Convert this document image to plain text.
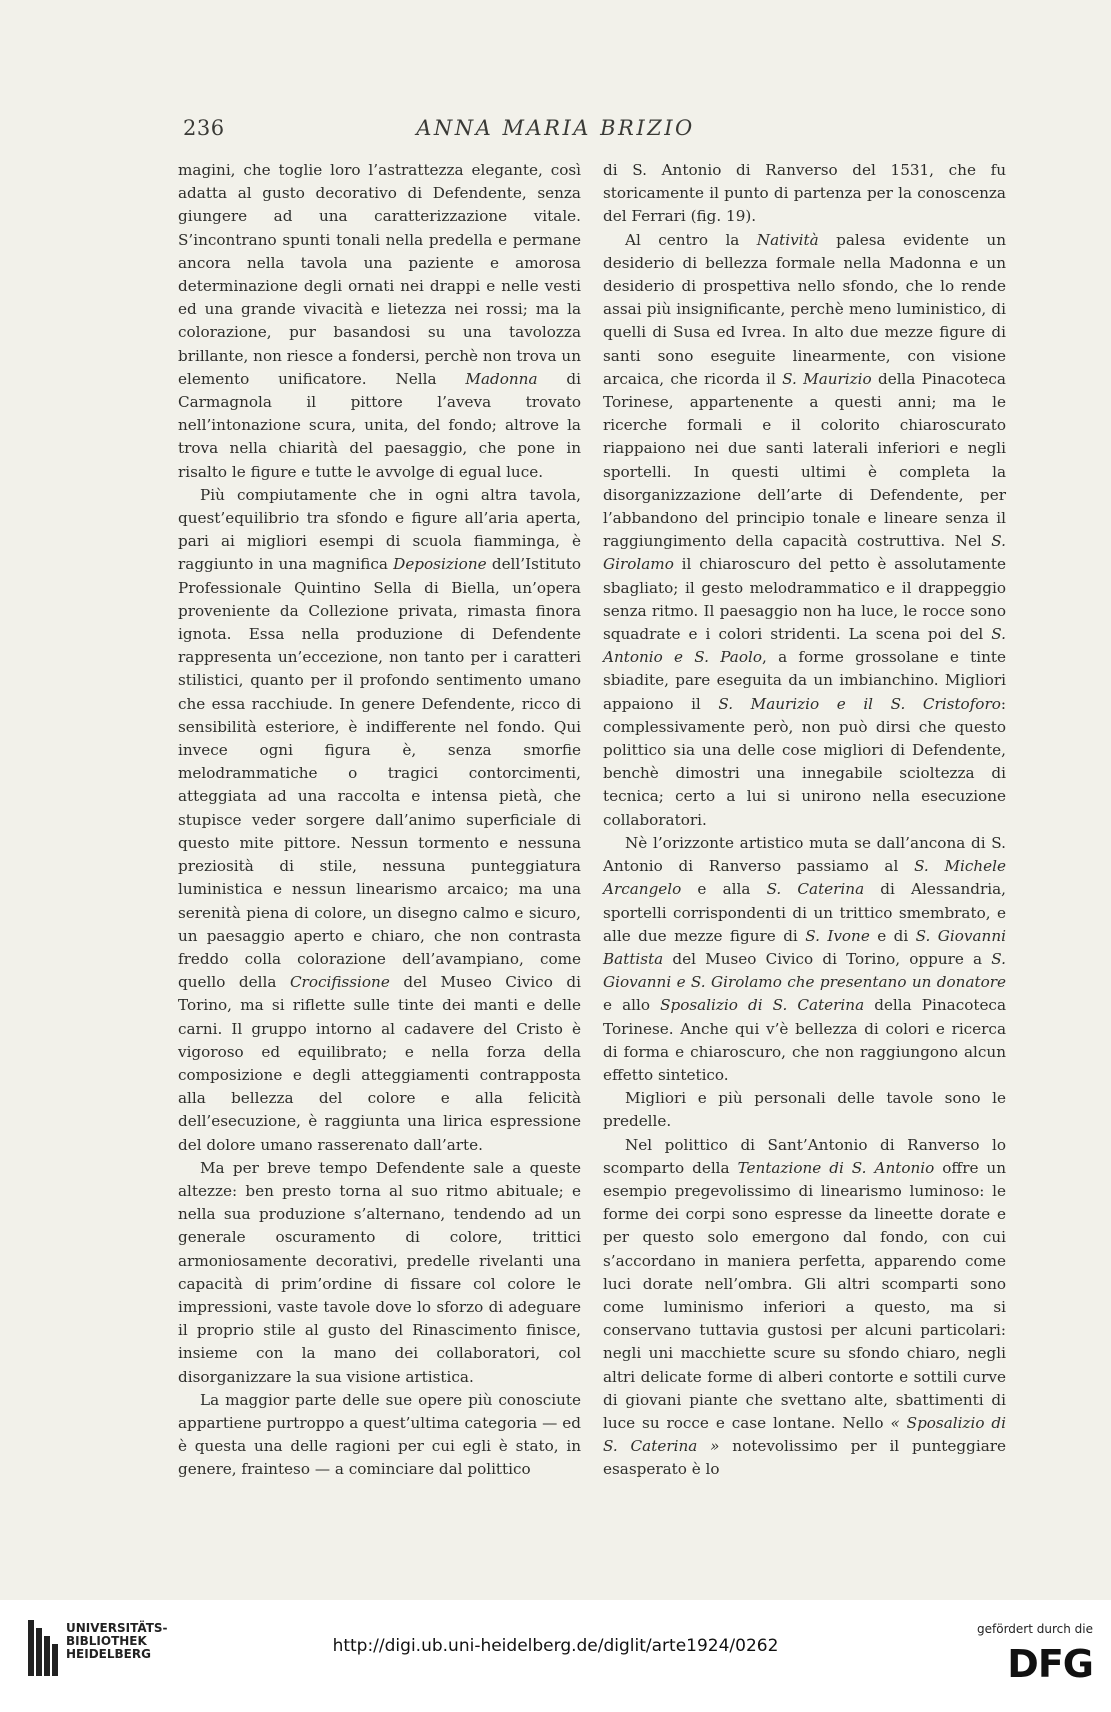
236	ANNA MARIA BRIZIO

magini, che toglie loro l’astrattezza elegante, così adatta al gusto decorativo di Defendente, senza giungere ad una caratterizzazione vitale. S’incontrano spunti tonali nella predella e permane ancora nella tavola una paziente e amorosa determinazione degli ornati nei drappi e nelle vesti ed una grande vivacità e lietezza nei rossi; ma la colorazione, pur basandosi su una tavolozza brillante, non riesce a fondersi, perchè non trova un elemento unificatore. Nella Madonna di Carmagnola il pittore l’aveva trovato nell’intonazione scura, unita, del fondo; altrove la trova nella chiarità del paesaggio, che pone in risalto le figure e tutte le avvolge di egual luce.

Più compiutamente che in ogni altra tavola, quest’equilibrio tra sfondo e figure all’aria aperta, pari ai migliori esempi di scuola fiamminga, è raggiunto in una magnifica Deposizione dell’Istituto Professionale Quintino Sella di Biella, un’opera proveniente da Collezione privata, rimasta finora ignota. Essa nella produzione di Defendente rappresenta un’eccezione, non tanto per i caratteri stilistici, quanto per il profondo sentimento umano che essa racchiude. In genere Defendente, ricco di sensibilità esteriore, è indifferente nel fondo. Qui invece ogni figura è, senza smorfie melodrammatiche o tragici contorcimenti, atteggiata ad una raccolta e intensa pietà, che stupisce veder sorgere dall’animo superficiale di questo mite pittore. Nessun tormento e nessuna preziosità di stile, nessuna punteggiatura luministica e nessun linearismo arcaico; ma una serenità piena di colore, un disegno calmo e sicuro, un paesaggio aperto e chiaro, che non contrasta freddo colla colorazione dell’avampiano, come quello della Crocifissione del Museo Civico di Torino, ma si riflette sulle tinte dei manti e delle carni. Il gruppo intorno al cadavere del Cristo è vigoroso ed equilibrato; e nella forza della composizione e degli atteggiamenti contrapposta alla bellezza del colore e alla felicità dell’esecuzione, è raggiunta una lirica espressione del dolore umano rasserenato dall’arte.

Ma per breve tempo Defendente sale a queste altezze: ben presto torna al suo ritmo abituale; e nella sua produzione s’alternano, tendendo ad un generale oscuramento di colore, trittici armoniosamente decorativi, predelle rivelanti una capacità di prim’ordine di fissare col colore le impressioni, vaste tavole dove lo sforzo di adeguare il proprio stile al gusto del Rinascimento finisce, insieme con la mano dei collaboratori, col disorganizzare la sua visione artistica.

La maggior parte delle sue opere più conosciute appartiene purtroppo a quest’ultima categoria — ed è questa una delle ragioni per cui egli è stato, in genere, frainteso — a cominciare dal polittico

di S. Antonio di Ranverso del 1531, che fu storicamente il punto di partenza per la conoscenza del Ferrari (fig. 19).

Al centro la Natività palesa evidente un desiderio di bellezza formale nella Madonna e un desiderio di prospettiva nello sfondo, che lo rende assai più insignificante, perchè meno luministico, di quelli di Susa ed Ivrea. In alto due mezze figure di santi sono eseguite linearmente, con visione arcaica, che ricorda il S. Maurizio della Pinacoteca Torinese, appartenente a questi anni; ma le ricerche formali e il colorito chiaroscurato riappaiono nei due santi laterali inferiori e negli sportelli. In questi ultimi è completa la disorganizzazione dell’arte di Defendente, per l’abbandono del principio tonale e lineare senza il raggiungimento della capacità costruttiva. Nel S. Girolamo il chiaroscuro del petto è assolutamente sbagliato; il gesto melodrammatico e il drappeggio senza ritmo. Il paesaggio non ha luce, le rocce sono squadrate e i colori stridenti. La scena poi del S. Antonio e S. Paolo, a forme grossolane e tinte sbiadite, pare eseguita da un imbianchino. Migliori appaiono il S. Maurizio e il S. Cristoforo: complessivamente però, non può dirsi che questo polittico sia una delle cose migliori di Defendente, benchè dimostri una innegabile scioltezza di tecnica; certo a lui si unirono nella esecuzione collaboratori.

Nè l’orizzonte artistico muta se dall’ancona di S. Antonio di Ranverso passiamo al S. Michele Arcangelo e alla S. Caterina di Alessandria, sportelli corrispondenti di un trittico smembrato, e alle due mezze figure di S. Ivone e di S. Giovanni Battista del Museo Civico di Torino, oppure a S. Giovanni e S. Girolamo che presentano un donatore e allo Sposalizio di S. Caterina della Pinacoteca Torinese. Anche qui v’è bellezza di colori e ricerca di forma e chiaroscuro, che non raggiungono alcun effetto sintetico.

Migliori e più personali delle tavole sono le predelle.

Nel polittico di Sant’Antonio di Ranverso lo scomparto della Tentazione di S. Antonio offre un esempio pregevolissimo di linearismo luminoso: le forme dei corpi sono espresse da lineette dorate e per questo solo emergono dal fondo, con cui s’accordano in maniera perfetta, apparendo come luci dorate nell’ombra. Gli altri scomparti sono come luminismo inferiori a questo, ma si conservano tuttavia gustosi per alcuni particolari: negli uni macchiette scure su sfondo chiaro, negli altri delicate forme di alberi contorte e sottili curve di giovani piante che svettano alte, sbattimenti di luce su rocce e case lontane. Nello « Sposalizio di S. Caterina » notevolissimo per il punteggiare esasperato è lo

UNIVERSITÄTS-
BIBLIOTHEK
HEIDELBERG	http://digi.ub.uni-heidelberg.de/diglit/arte1924/0262
gefördert durch die
DFG
